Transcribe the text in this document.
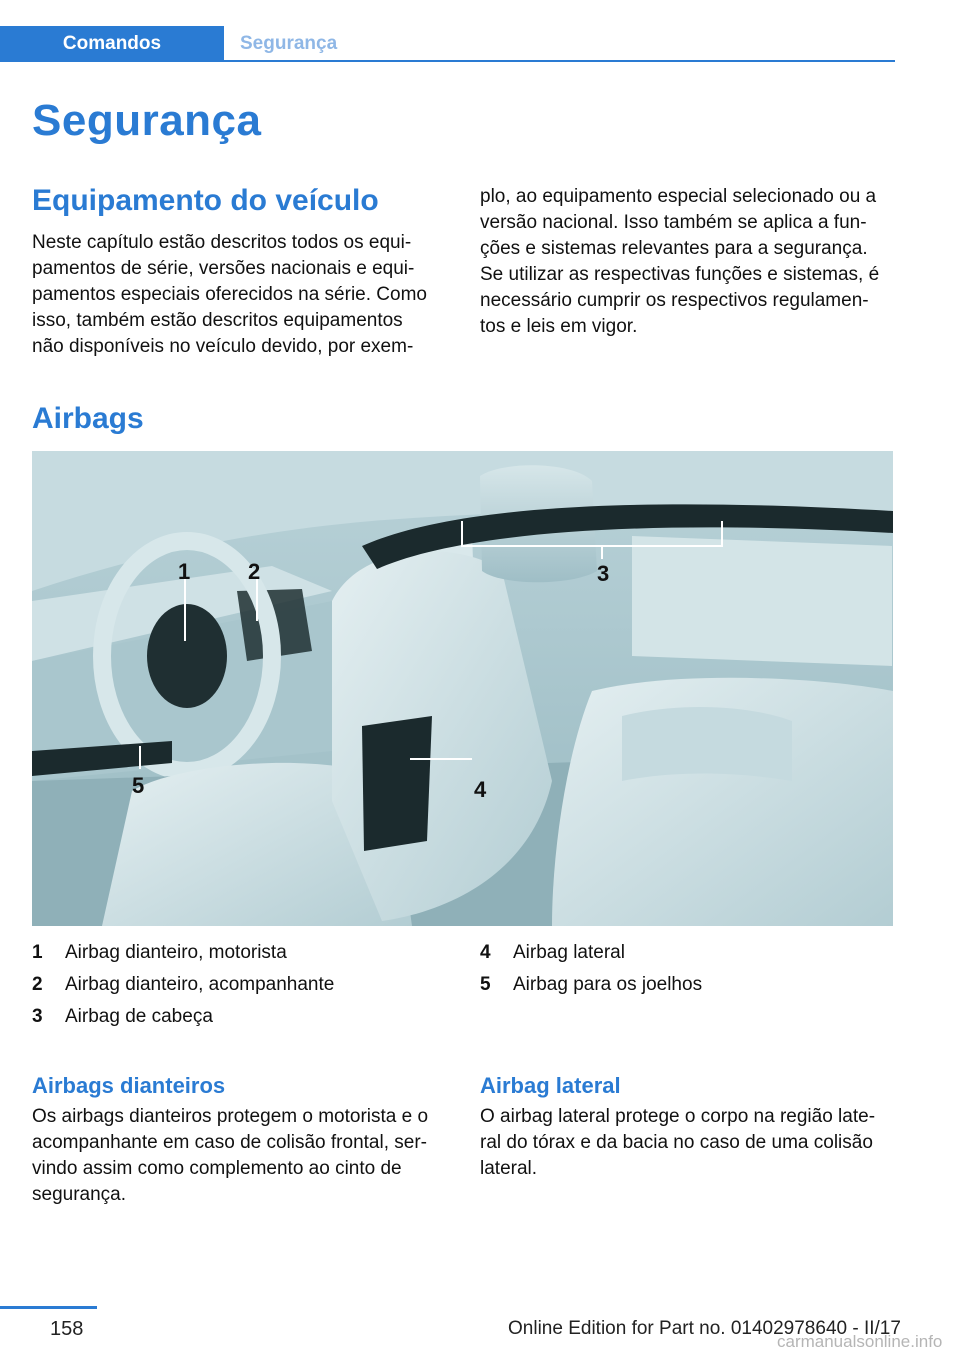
Comandos	Segurança
Segurança
Equipamento do veículo
Neste capítulo estão descritos todos os equi-
pamentos de série, versões nacionais e equi-
pamentos especiais oferecidos na série. Como
isso, também estão descritos equipamentos
não disponíveis no veículo devido, por exem-
plo, ao equipamento especial selecionado ou a
versão nacional. Isso também se aplica a fun-
ções e sistemas relevantes para a segurança.
Se utilizar as respectivas funções e sistemas, é
necessário cumprir os respectivos regulamen-
tos e leis em vigor.
Airbags
1	2	3
4
5
1	Airbag dianteiro, motorista
2	Airbag dianteiro, acompanhante
3	Airbag de cabeça
4	Airbag lateral
5	Airbag para os joelhos
Airbags dianteiros
Os airbags dianteiros protegem o motorista e o
acompanhante em caso de colisão frontal, ser-
vindo assim como complemento ao cinto de
segurança.
Airbag lateral
O airbag lateral protege o corpo na região late-
ral do tórax e da bacia no caso de uma colisão
lateral.
158	Online Edition for Part no. 01402978640 - II/17
carmanualsonline.info
